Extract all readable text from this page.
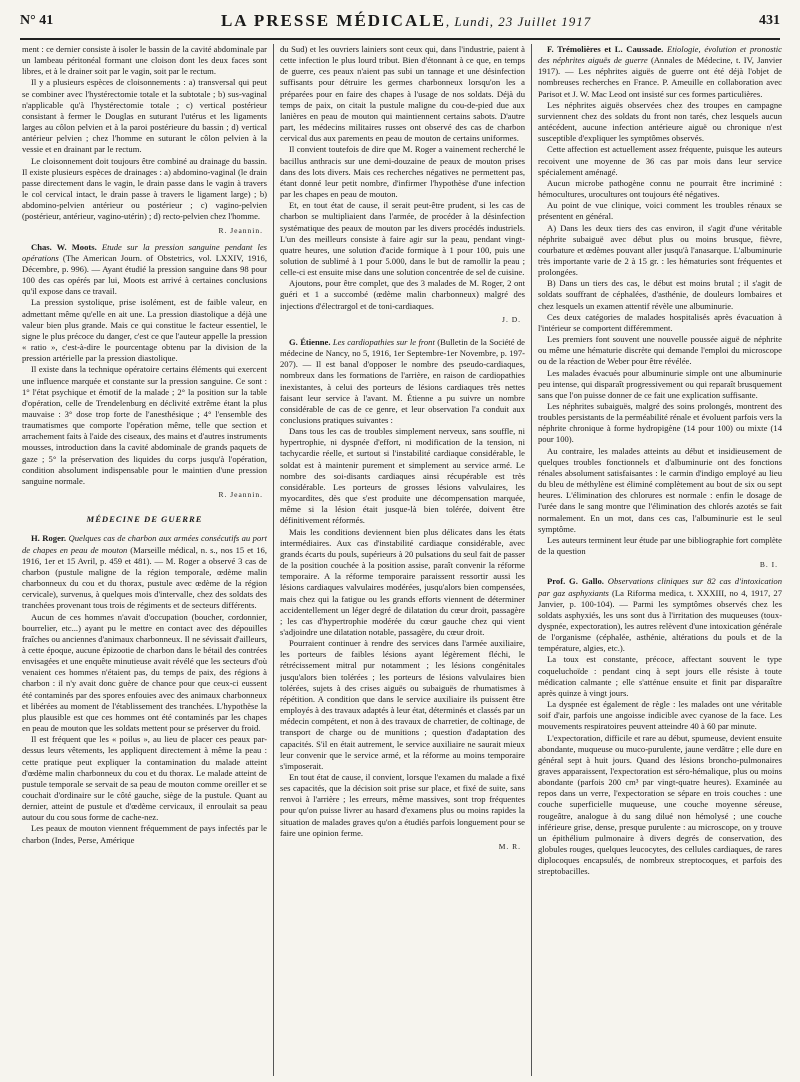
N° 41	LA PRESSE MÉDICALE, Lundi, 23 Juillet 1917	431

ment : ce dernier consiste à isoler le bassin de la cavité abdominale par un lambeau péritonéal formant une cloison dont les deux faces sont libres, et à le drainer soit par le vagin, soit par le rectum.

Il y a plusieurs espèces de cloisonnements : a) transversal qui peut se combiner avec l'hystérectomie totale et la subtotale ; b) sus-vaginal n'applicable qu'à l'hystérectomie totale ; c) vertical postérieur consistant à fermer le Douglas en suturant l'utérus et les ligaments larges au côlon pelvien et à la paroi postérieure du bassin ; d) vertical antérieur pelvien ; chez l'homme en suturant le côlon pelvien à la vessie et en drainant par le rectum.

Le cloisonnement doit toujours être combiné au drainage du bassin. Il existe plusieurs espèces de drainages : a) abdomino-vaginal (le drain passe directement dans le vagin, le drain passe dans le vagin à travers le col cervical intact, le drain passe à travers le ligament large) ; b) abdomino-pelvien antérieur ou postérieur ; c) vagino-pelvien (postérieur, antérieur, vagino-utérin) ; d) recto-pelvien chez l'homme.

R. Jeannin.

Chas. W. Moots. Etude sur la pression sanguine pendant les opérations (The American Journ. of Obstetrics, vol. LXXIV, 1916, Décembre, p. 996). — Ayant étudié la pression sanguine dans 98 pour 100 des cas opérés par lui, Moots est arrivé à certaines conclusions qu'il expose dans ce travail.

La pression systolique, prise isolément, est de faible valeur, en admettant même qu'elle en ait une. La pression diastolique a déjà une valeur bien plus grande. Mais ce qui constitue le facteur essentiel, le signe le plus précoce du danger, c'est ce que l'auteur appelle la pression « ratio », c'est-à-dire le pourcentage obtenu par la division de la pression artérielle par la pression diastolique.

Il existe dans la technique opératoire certains éléments qui exercent une influence marquée et constante sur la pression sanguine. Ce sont : 1° l'état psychique et émotif de la malade ; 2° la position sur la table d'opération, celle de Trendelenburg en déclivité extrême étant la plus mauvaise : 3° dose trop forte de l'anesthésique ; 4° l'ensemble des traumatismes que comporte l'opération même, telle que section et arrachement faits à l'aide des ciseaux, des mains et d'autres instruments mousses, introduction dans la cavité abdominale de grands paquets de gaze ; 5° la préservation des liquides du corps jusqu'à l'opération, condition absolument indispensable pour le maintien d'une pression sanguine normale.

R. Jeannin.
MÉDECINE DE GUERRE

H. Roger. Quelques cas de charbon aux armées consécutifs au port de chapes en peau de mouton (Marseille médical, n. s., nos 15 et 16, 1916, 1er et 15 Avril, p. 459 et 481). — M. Roger a observé 3 cas de charbon (pustule maligne de la région temporale, œdème malin charbonneux du cou et du thorax, pustule avec œdème de la région cervicale), survenus, à quelques mois d'intervalle, chez des soldats des tranchées provenant tous trois de régiments et de secteurs différents.

Aucun de ces hommes n'avait d'occupation (boucher, cordonnier, bourrelier, etc...) ayant pu le mettre en contact avec des dépouilles fraîches ou anciennes d'animaux charbonneux. Il ne sévissait d'ailleurs, à cette époque, aucune épizootie de charbon dans le bétail des contrées envisagées et une enquête minutieuse avait révélé que les secteurs d'où venaient ces hommes n'étaient pas, du temps de paix, des régions à charbon : il n'y avait donc guère de chance pour que ceux-ci eussent été contaminés par des spores enfouies avec des animaux charbonneux et libérées au moment de l'établissement des tranchées. L'hypothèse la plus plausible est que ces hommes ont été contaminés par les chapes en peau de mouton que les soldats mettent pour se préserver du froid.

Il est fréquent que les « poilus », au lieu de placer ces peaux par-dessus leurs vêtements, les appliquent directement à même la peau : cette pratique peut expliquer la contamination du malade atteint d'œdème malin charbonneux du cou et du thorax. Le malade atteint de pustule temporale se servait de sa peau de mouton comme oreiller et se couchait d'ordinaire sur le côté gauche, siège de la pustule. Quant au dernier, atteint de pustule et d'œdème cervicaux, il enroulait sa peau autour du cou sous forme de cache-nez.

Les peaux de mouton viennent fréquemment de pays infectés par le charbon (Indes, Perse, Amérique

du Sud) et les ouvriers lainiers sont ceux qui, dans l'industrie, paient à cette infection le plus lourd tribut. Bien d'étonnant à ce que, en temps de guerre, ces peaux n'aient pas subi un tannage et une désinfection suffisants pour détruire les germes charbonneux lorsqu'on les a préparées pour en faire des chapes à l'usage de nos soldats. Déjà du temps de paix, on citait la pustule maligne du cou-de-pied due aux lanières en peau de mouton qui maintiennent certains sabots. D'autre part, les médecins militaires russes ont observé des cas de charbon cervical dus aux parements en peau de mouton de certains uniformes.

Il convient toutefois de dire que M. Roger a vainement recherché le bacillus anthracis sur une demi-douzaine de peaux de mouton prises dans des lots divers. Mais ces recherches négatives ne permettent pas, étant donné leur petit nombre, d'infirmer l'hypothèse d'une infection par les chapes en peau de mouton.

Et, en tout état de cause, il serait peut-être prudent, si les cas de charbon se multipliaient dans l'armée, de procéder à la désinfection systématique des peaux de mouton par les divers procédés industriels. L'un des meilleurs consiste à faire agir sur la peau, pendant vingt-quatre heures, une solution d'acide formique à 1 pour 100, puis une solution de sublimé à 1 pour 5.000, dans le but de ramollir la peau ; celle-ci est ensuite mise dans une solution concentrée de sel de cuisine.

Ajoutons, pour être complet, que des 3 malades de M. Roger, 2 ont guéri et 1 a succombé (œdème malin charbonneux) malgré des injections d'électrargol et de toni-cardiaques.

J. D.

G. Étienne. Les cardiopathies sur le front (Bulletin de la Société de médecine de Nancy, no 5, 1916, 1er Septembre-1er Novembre, p. 197-207). — Il est banal d'opposer le nombre des pseudo-cardiaques, nombreux dans les formations de l'arrière, en raison de cardiopathies inexistantes, à celui des porteurs de lésions cardiaques très nettes faisant leur service à l'avant. M. Étienne a pu suivre un nombre considérable de cas de ce genre, et leur observation l'a conduit aux conclusions pratiques suivantes :

Dans tous les cas de troubles simplement nerveux, sans souffle, ni hypertrophie, ni dyspnée d'effort, ni modification de la tension, ni tachycardie réelle, et surtout si l'instabilité cardiaque considérable, le soldat est à maintenir purement et simplement au service armé. Le nombre des soi-disants cardiaques ainsi récupérable est très considérable. Les porteurs de grosses lésions valvulaires, les myocardites, dès que s'est produite une décompensation marquée, même si la lésion était jusque-là bien tolérée, doivent être définitivement réformés.

Mais les conditions deviennent bien plus délicates dans les états intermédiaires. Aux cas d'instabilité cardiaque considérable, avec grands écarts du pouls, supérieurs à 20 pulsations du seul fait de passer de la position couchée à la position assise, paraît convenir la réforme temporaire. A la réforme temporaire paraissent ressortir aussi les lésions cardiaques valvulaires modérées, jusqu'alors bien compensées, mais chez qui la fatigue ou les grands efforts viennent de déterminer accidentellement un léger degré de dilatation du cœur droit, passagère ; les cas d'hypertrophie modérée du cœur gauche chez qui vient s'adjoindre une dilatation notable, passagère, du cœur droit.

Pourraient continuer à rendre des services dans l'armée auxiliaire, les porteurs de faibles lésions ayant légèrement fléchi, le rétrécissement mitral pur notamment ; les lésions congénitales jusqu'alors bien tolérées ; les porteurs de lésions valvulaires bien tolérées, sujets à des crises aiguës ou subaiguës de rhumatismes à répétition. A condition que dans le service auxiliaire ils puissent être employés à des travaux adaptés à leur état, déterminés et classés par un médecin compétent, et non à des travaux de charretier, de coltinage, de transport de charge ou de munitions ; question d'adaptation des capacités. S'il en était autrement, le service auxiliaire ne saurait mieux leur convenir que le service armé, et la réforme au moins temporaire s'imposerait.

En tout état de cause, il convient, lorsque l'examen du malade a fixé ses capacités, que la décision soit prise sur place, et fixé de suite, sans renvoi à l'arrière ; les erreurs, même massives, sont trop fréquentes pour qu'on puisse livrer au hasard d'examens plus ou moins rapides la situation de malades graves qu'on a étudiés parfois longuement pour se faire une opinion ferme.

M. R.

F. Trémolières et L. Caussade. Etiologie, évolution et pronostic des néphrites aiguës de guerre (Annales de Médecine, t. IV, Janvier 1917). — Les néphrites aiguës de guerre ont été déjà l'objet de nombreuses recherches en France. P. Ameuille en collaboration avec Parisot et J. W. Mac Leod ont insisté sur ces formes particulières.

Les néphrites aiguës observées chez des troupes en campagne surviennent chez des soldats du front non tarés, chez lesquels aucun antécédent, aucune infection antérieure aiguë ou chronique n'est susceptible d'expliquer les symptômes observés.

Cette affection est actuellement assez fréquente, puisque les auteurs recoivent une moyenne de 36 cas par mois dans leur service spécialement aménagé.

Aucun microbe pathogène connu ne pourrait être incriminé : hémocultures, urocultures ont toujours été négatives.

Au point de vue clinique, voici comment les troubles rénaux se présentent en général.

A) Dans les deux tiers des cas environ, il s'agit d'une véritable néphrite subaiguë avec début plus ou moins brusque, fièvre, courbature et œdèmes pouvant aller jusqu'à l'anasarque. L'albuminurie très importante varie de 2 à 15 gr. : les hématuries sont fréquentes et prolongées.

B) Dans un tiers des cas, le début est moins brutal ; il s'agit de soldats souffrant de céphalées, d'asthénie, de douleurs lombaires et chez lesquels un examen attentif révèle une albuminurie.

Ces deux catégories de malades hospitalisés après évacuation à l'intérieur se comportent différemment.

Les premiers font souvent une nouvelle poussée aiguë de néphrite ou même une hématurie discrète qui demande l'emploi du microscope ou de la réaction de Weber pour être révélée.

Les malades évacués pour albuminurie simple ont une albuminurie peu intense, qui disparaît progressivement ou qui reparaît brusquement sans que l'on puisse donner de ce fait une explication suffisante.

Les néphrites subaiguës, malgré des soins prolongés, montrent des troubles persistants de la perméabilité rénale et évoluent parfois vers la néphrite chronique à forme hydropigène (14 pour 100) ou mixte (14 pour 100).

Au contraire, les malades atteints au début et insidieusement de quelques troubles fonctionnels et d'albuminurie ont des fonctions rénales absolument satisfaisantes : le carmin d'indigo employé au lieu du bleu de méthylène est éliminé complètement au bout de six ou sept heures. L'élimination des chlorures est normale : enfin le dosage de l'urée dans le sang montre que l'élimination des chlorés azotés se fait normalement. En un mot, dans ces cas, l'albuminurie est le seul symptôme.

Les auteurs terminent leur étude par une bibliographie fort complète de la question

B. I.

Prof. G. Gallo. Observations cliniques sur 82 cas d'intoxication par gaz asphyxiants (La Riforma medica, t. XXXIII, no 4, 1917, 27 Janvier, p. 100-104). — Parmi les symptômes observés chez les soldats asphyxiés, les uns sont dus à l'irritation des muqueuses (toux-dyspnée, expectoration), les autres relèvent d'une intoxication générale de l'organisme (céphalée, asthénie, altérations du pouls et de la température, algies, etc.).

La toux est constante, précoce, affectant souvent le type coqueluchoïde : pendant cinq à sept jours elle résiste à toute médication calmante ; elle s'atténue ensuite et finit par disparaître après quinze à vingt jours.

La dyspnée est également de règle : les malades ont une véritable soif d'air, parfois une angoisse indicible avec cyanose de la face. Les mouvements respiratoires peuvent atteindre 40 à 60 par minute.

L'expectoration, difficile et rare au début, spumeuse, devient ensuite abondante, muqueuse ou muco-purulente, jaune verdâtre ; elle dure en général sept à huit jours. Quand des lésions broncho-pulmonaires graves apparaissent, l'expectoration est séro-hémalique, plus ou moins abondante (parfois 200 cm³ par vingt-quatre heures). Examinée au repos dans un verre, l'expectoration se sépare en trois couches : une couche superficielle muqueuse, une couche moyenne séreuse, rougeâtre, analogue à du sang dilué non hémolysé ; une couche inférieure grise, dense, presque purulente : au microscope, on y trouve un épithélium pulmonaire à divers degrés de conservation, des globules rouges, quelques leucocytes, des cellules cardiaques, de rares diplocoques encapsulés, de nombreux streptocoques, et parfois des streptobacilles.
